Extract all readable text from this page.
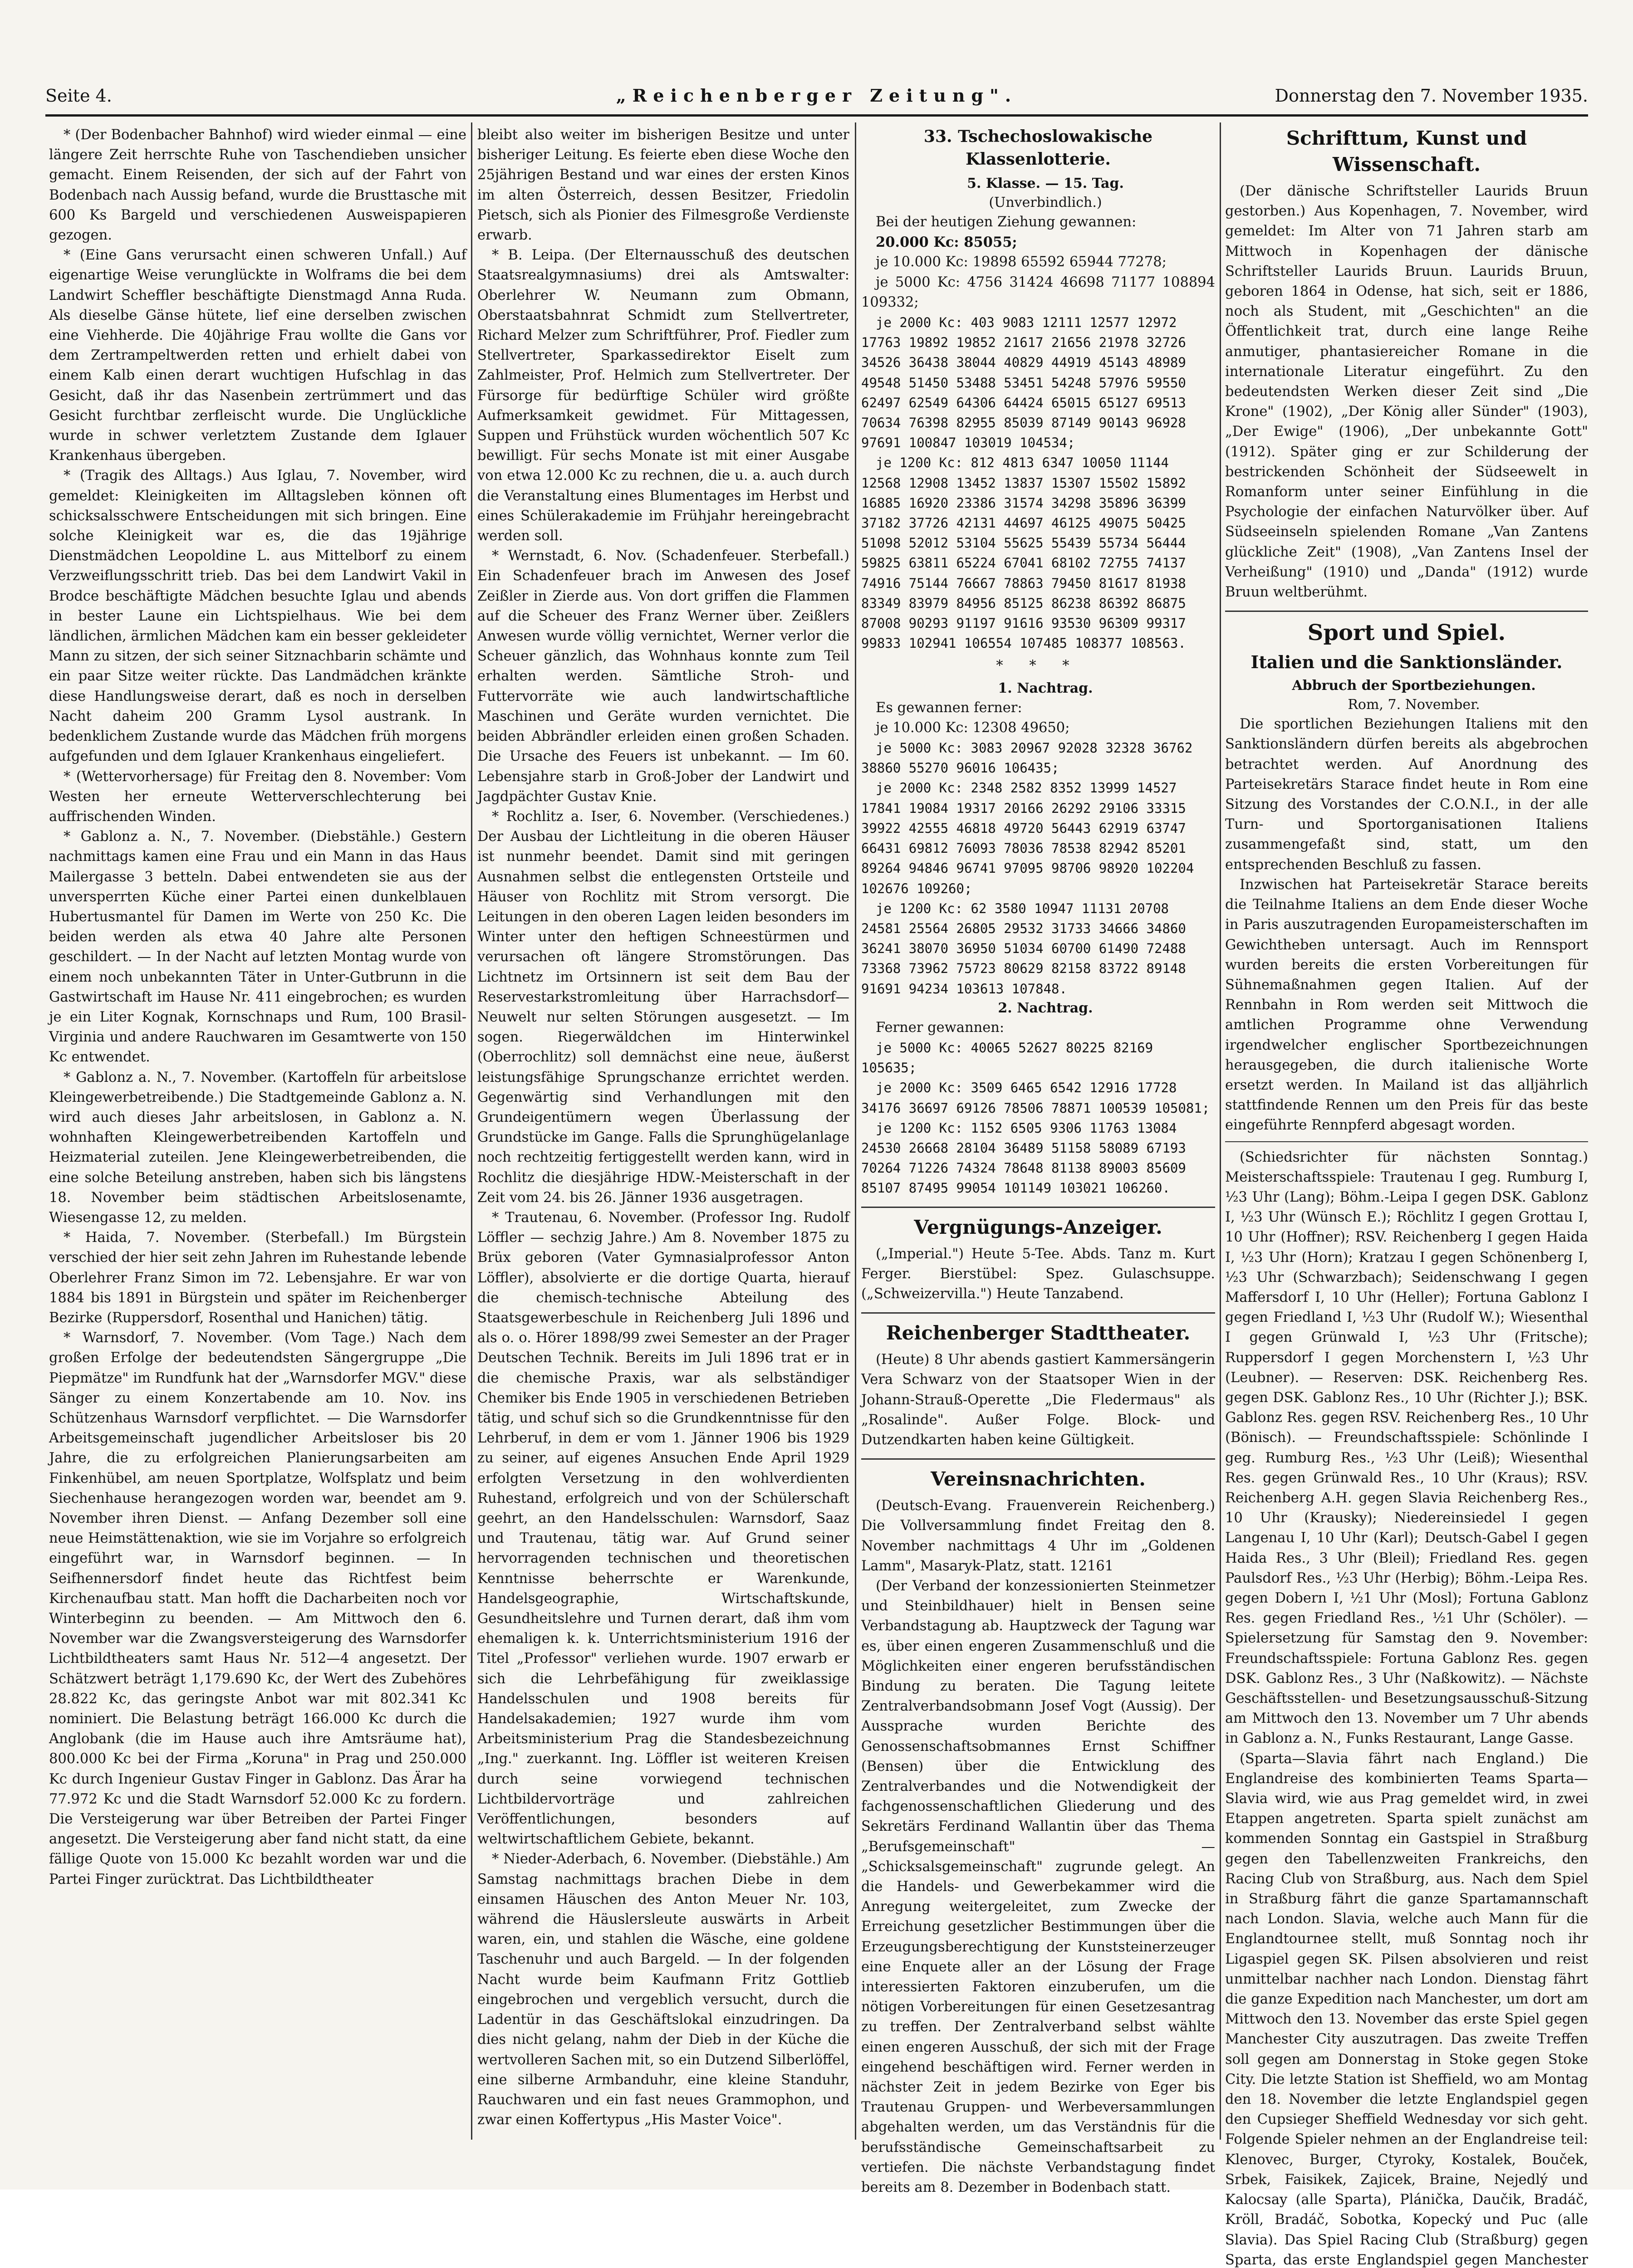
Seite 4.	„Reichenberger Zeitung".	Donnerstag den 7. November 1935.

* (Der Bodenbacher Bahnhof) wird wieder einmal — eine längere Zeit herrschte Ruhe von Taschendieben unsicher gemacht. Einem Reisenden, der sich auf der Fahrt von Bodenbach nach Aussig befand, wurde die Brusttasche mit 600 Ks Bargeld und verschiedenen Ausweispapieren gezogen.

* (Eine Gans verursacht einen schweren Unfall.) Auf eigenartige Weise verunglückte in Wolframs die bei dem Landwirt Scheffler beschäftigte Dienstmagd Anna Ruda. Als dieselbe Gänse hütete, lief eine derselben zwischen eine Viehherde. Die 40jährige Frau wollte die Gans vor dem Zertrampeltwerden retten und erhielt dabei von einem Kalb einen derart wuchtigen Hufschlag in das Gesicht, daß ihr das Nasenbein zertrümmert und das Gesicht furchtbar zerfleischt wurde. Die Unglückliche wurde in schwer verletztem Zustande dem Iglauer Krankenhaus übergeben.

* (Tragik des Alltags.) Aus Iglau, 7. November, wird gemeldet: Kleinigkeiten im Alltagsleben können oft schicksalsschwere Entscheidungen mit sich bringen. Eine solche Kleinigkeit war es, die das 19jährige Dienstmädchen Leopoldine L. aus Mittelborf zu einem Verzweiflungsschritt trieb. Das bei dem Landwirt Vakil in Brodce beschäftigte Mädchen besuchte Iglau und abends in bester Laune ein Lichtspielhaus. Wie bei dem ländlichen, ärmlichen Mädchen kam ein besser gekleideter Mann zu sitzen, der sich seiner Sitznachbarin schämte und ein paar Sitze weiter rückte. Das Landmädchen kränkte diese Handlungsweise derart, daß es noch in derselben Nacht daheim 200 Gramm Lysol austrank. In bedenklichem Zustande wurde das Mädchen früh morgens aufgefunden und dem Iglauer Krankenhaus eingeliefert.

* (Wettervorhersage) für Freitag den 8. November: Vom Westen her erneute Wetterverschlechterung bei auffrischenden Winden.

* Gablonz a. N., 7. November. (Diebstähle.) Gestern nachmittags kamen eine Frau und ein Mann in das Haus Mailergasse 3 betteln. Dabei entwendeten sie aus der unversperrten Küche einer Partei einen dunkelblauen Hubertusmantel für Damen im Werte von 250 Kc. Die beiden werden als etwa 40 Jahre alte Personen geschildert. — In der Nacht auf letzten Montag wurde von einem noch unbekannten Täter in Unter-Gutbrunn in die Gastwirtschaft im Hause Nr. 411 eingebrochen; es wurden je ein Liter Kognak, Kornschnaps und Rum, 100 Brasil-Virginia und andere Rauchwaren im Gesamtwerte von 150 Kc entwendet.

* Gablonz a. N., 7. November. (Kartoffeln für arbeitslose Kleingewerbetreibende.) Die Stadtgemeinde Gablonz a. N. wird auch dieses Jahr arbeitslosen, in Gablonz a. N. wohnhaften Kleingewerbetreibenden Kartoffeln und Heizmaterial zuteilen. Jene Kleingewerbetreibenden, die eine solche Beteilung anstreben, haben sich bis längstens 18. November beim städtischen Arbeitslosenamte, Wiesengasse 12, zu melden.

* Haida, 7. November. (Sterbefall.) Im Bürgstein verschied der hier seit zehn Jahren im Ruhestande lebende Oberlehrer Franz Simon im 72. Lebensjahre. Er war von 1884 bis 1891 in Bürgstein und später im Reichenberger Bezirke (Ruppersdorf, Rosenthal und Hanichen) tätig.

* Warnsdorf, 7. November. (Vom Tage.) Nach dem großen Erfolge der bedeutendsten Sängergruppe „Die Piepmätze" im Rundfunk hat der „Warnsdorfer MGV." diese Sänger zu einem Konzertabende am 10. Nov. ins Schützenhaus Warnsdorf verpflichtet. — Die Warnsdorfer Arbeitsgemeinschaft jugendlicher Arbeitsloser bis 20 Jahre, die zu erfolgreichen Planierungsarbeiten am Finkenhübel, am neuen Sportplatze, Wolfsplatz und beim Siechenhause herangezogen worden war, beendet am 9. November ihren Dienst. — Anfang Dezember soll eine neue Heimstättenaktion, wie sie im Vorjahre so erfolgreich eingeführt war, in Warnsdorf beginnen. — In Seifhennersdorf findet heute das Richtfest beim Kirchenaufbau statt. Man hofft die Dacharbeiten noch vor Winterbeginn zu beenden. — Am Mittwoch den 6. November war die Zwangsversteigerung des Warnsdorfer Lichtbildtheaters samt Haus Nr. 512—4 angesetzt. Der Schätzwert beträgt 1,179.690 Kc, der Wert des Zubehöres 28.822 Kc, das geringste Anbot war mit 802.341 Kc nominiert. Die Belastung beträgt 166.000 Kc durch die Anglobank (die im Hause auch ihre Amtsräume hat), 800.000 Kc bei der Firma „Koruna" in Prag und 250.000 Kc durch Ingenieur Gustav Finger in Gablonz. Das Ärar ha 77.972 Kc und die Stadt Warnsdorf 52.000 Kc zu fordern. Die Versteigerung war über Betreiben der Partei Finger angesetzt. Die Versteigerung aber fand nicht statt, da eine fällige Quote von 15.000 Kc bezahlt worden war und die Partei Finger zurücktrat. Das Lichtbildtheater

bleibt also weiter im bisherigen Besitze und unter bisheriger Leitung. Es feierte eben diese Woche den 25jährigen Bestand und war eines der ersten Kinos im alten Österreich, dessen Besitzer, Friedolin Pietsch, sich als Pionier des Filmesgroße Verdienste erwarb.

* B. Leipa. (Der Elternausschuß des deutschen Staatsrealgymnasiums) drei als Amtswalter: Oberlehrer W. Neumann zum Obmann, Oberstaatsbahnrat Schmidt zum Stellvertreter, Richard Melzer zum Schriftführer, Prof. Fiedler zum Stellvertreter, Sparkassedirektor Eiselt zum Zahlmeister, Prof. Helmich zum Stellvertreter. Der Fürsorge für bedürftige Schüler wird größte Aufmerksamkeit gewidmet. Für Mittagessen, Suppen und Frühstück wurden wöchentlich 507 Kc bewilligt. Für sechs Monate ist mit einer Ausgabe von etwa 12.000 Kc zu rechnen, die u. a. auch durch die Veranstaltung eines Blumentages im Herbst und eines Schülerakademie im Frühjahr hereingebracht werden soll.

* Wernstadt, 6. Nov. (Schadenfeuer. Sterbefall.) Ein Schadenfeuer brach im Anwesen des Josef Zeißler in Zierde aus. Von dort griffen die Flammen auf die Scheuer des Franz Werner über. Zeißlers Anwesen wurde völlig vernichtet, Werner verlor die Scheuer gänzlich, das Wohnhaus konnte zum Teil erhalten werden. Sämtliche Stroh- und Futtervorräte wie auch landwirtschaftliche Maschinen und Geräte wurden vernichtet. Die beiden Abbrändler erleiden einen großen Schaden. Die Ursache des Feuers ist unbekannt. — Im 60. Lebensjahre starb in Groß-Jober der Landwirt und Jagdpächter Gustav Knie.

* Rochlitz a. Iser, 6. November. (Verschiedenes.) Der Ausbau der Lichtleitung in die oberen Häuser ist nunmehr beendet. Damit sind mit geringen Ausnahmen selbst die entlegensten Ortsteile und Häuser von Rochlitz mit Strom versorgt. Die Leitungen in den oberen Lagen leiden besonders im Winter unter den heftigen Schneestürmen und verursachen oft längere Stromstörungen. Das Lichtnetz im Ortsinnern ist seit dem Bau der Reservestarkstromleitung über Harrachsdorf—Neuwelt nur selten Störungen ausgesetzt. — Im sogen. Riegerwäldchen im Hinterwinkel (Oberrochlitz) soll demnächst eine neue, äußerst leistungsfähige Sprungschanze errichtet werden. Gegenwärtig sind Verhandlungen mit den Grundeigentümern wegen Überlassung der Grundstücke im Gange. Falls die Sprunghügelanlage noch rechtzeitig fertiggestellt werden kann, wird in Rochlitz die diesjährige HDW.-Meisterschaft in der Zeit vom 24. bis 26. Jänner 1936 ausgetragen.

* Trautenau, 6. November. (Professor Ing. Rudolf Löffler — sechzig Jahre.) Am 8. November 1875 zu Brüx geboren (Vater Gymnasialprofessor Anton Löffler), absolvierte er die dortige Quarta, hierauf die chemisch-technische Abteilung des Staatsgewerbeschule in Reichenberg Juli 1896 und als o. o. Hörer 1898/99 zwei Semester an der Prager Deutschen Technik. Bereits im Juli 1896 trat er in die chemische Praxis, war als selbständiger Chemiker bis Ende 1905 in verschiedenen Betrieben tätig, und schuf sich so die Grundkenntnisse für den Lehrberuf, in dem er vom 1. Jänner 1906 bis 1929 zu seiner, auf eigenes Ansuchen Ende April 1929 erfolgten Versetzung in den wohlverdienten Ruhestand, erfolgreich und von der Schülerschaft geehrt, an den Handelsschulen: Warnsdorf, Saaz und Trautenau, tätig war. Auf Grund seiner hervorragenden technischen und theoretischen Kenntnisse beherrschte er Warenkunde, Handelsgeographie, Wirtschaftskunde, Gesundheitslehre und Turnen derart, daß ihm vom ehemaligen k. k. Unterrichtsministerium 1916 der Titel „Professor" verliehen wurde. 1907 erwarb er sich die Lehrbefähigung für zweiklassige Handelsschulen und 1908 bereits für Handelsakademien; 1927 wurde ihm vom Arbeitsministerium Prag die Standesbezeichnung „Ing." zuerkannt. Ing. Löffler ist weiteren Kreisen durch seine vorwiegend technischen Lichtbildervorträge und zahlreichen Veröffentlichungen, besonders auf weltwirtschaftlichem Gebiete, bekannt.

* Nieder-Aderbach, 6. November. (Diebstähle.) Am Samstag nachmittags brachen Diebe in dem einsamen Häuschen des Anton Meuer Nr. 103, während die Häuslersleute auswärts in Arbeit waren, ein, und stahlen die Wäsche, eine goldene Taschenuhr und auch Bargeld. — In der folgenden Nacht wurde beim Kaufmann Fritz Gottlieb eingebrochen und vergeblich versucht, durch die Ladentür in das Geschäftslokal einzudringen. Da dies nicht gelang, nahm der Dieb in der Küche die wertvolleren Sachen mit, so ein Dutzend Silberlöffel, eine silberne Armbanduhr, eine kleine Standuhr, Rauchwaren und ein fast neues Grammophon, und zwar einen Koffertypus „His Master Voice".

33. Tschechoslowakische Klassenlotterie.

5. Klasse. — 15. Tag.

(Unverbindlich.)

Bei der heutigen Ziehung gewannen:

20.000 Kc: 85055;

je 10.000 Kc: 19898 65592 65944 77278;

je 5000 Kc: 4756 31424 46698 71177 108894 109332;

je 2000 Kc: 403 9083 12111 12577 12972
17763 19892 19852 21617 21656 21978 32726
34526 36438 38044 40829 44919 45143 48989
49548 51450 53488 53451 54248 57976 59550
62497 62549 64306 64424 65015 65127 69513
70634 76398 82955 85039 87149 90143 96928
97691 100847 103019 104534;

je 1200 Kc: 812 4813 6347 10050 11144
12568 12908 13452 13837 15307 15502 15892
16885 16920 23386 31574 34298 35896 36399
37182 37726 42131 44697 46125 49075 50425
51098 52012 53104 55625 55439 55734 56444
59825 63811 65224 67041 68102 72755 74137
74916 75144 76667 78863 79450 81617 81938
83349 83979 84956 85125 86238 86392 86875
87008 90293 91197 91616 93530 96309 99317
99833 102941 106554 107485 108377 108563.

* * *

1. Nachtrag.

Es gewannen ferner:

je 10.000 Kc: 12308 49650;

je 5000 Kc: 3083 20967 92028 32328 36762
38860 55270 96016 106435;

je 2000 Kc: 2348 2582 8352 13999 14527
17841 19084 19317 20166 26292 29106 33315
39922 42555 46818 49720 56443 62919 63747
66431 69812 76093 78036 78538 82942 85201
89264 94846 96741 97095 98706 98920 102204
102676 109260;

je 1200 Kc: 62 3580 10947 11131 20708
24581 25564 26805 29532 31733 34666 34860
36241 38070 36950 51034 60700 61490 72488
73368 73962 75723 80629 82158 83722 89148
91691 94234 103613 107848.

2. Nachtrag.

Ferner gewannen:

je 5000 Kc: 40065 52627 80225 82169
105635;

je 2000 Kc: 3509 6465 6542 12916 17728
34176 36697 69126 78506 78871 100539 105081;

je 1200 Kc: 1152 6505 9306 11763 13084
24530 26668 28104 36489 51158 58089 67193
70264 71226 74324 78648 81138 89003 85609
85107 87495 99054 101149 103021 106260.

Vergnügungs-Anzeiger.

(„Imperial.") Heute 5-Tee. Abds. Tanz m. Kurt Ferger. Bierstübel: Spez. Gulaschsuppe. („Schweizervilla.") Heute Tanzabend.

Reichenberger Stadttheater.

(Heute) 8 Uhr abends gastiert Kammersängerin Vera Schwarz von der Staatsoper Wien in der Johann-Strauß-Operette „Die Fledermaus" als „Rosalinde". Außer Folge. Block- und Dutzendkarten haben keine Gültigkeit.

Vereinsnachrichten.

(Deutsch-Evang. Frauenverein Reichenberg.) Die Vollversammlung findet Freitag den 8. November nachmittags 4 Uhr im „Goldenen Lamm", Masaryk-Platz, statt. 12161

(Der Verband der konzessionierten Steinmetzer und Steinbildhauer) hielt in Bensen seine Verbandstagung ab. Hauptzweck der Tagung war es, über einen engeren Zusammenschluß und die Möglichkeiten einer engeren berufsständischen Bindung zu beraten. Die Tagung leitete Zentralverbandsobmann Josef Vogt (Aussig). Der Aussprache wurden Berichte des Genossenschaftsobmannes Ernst Schiffner (Bensen) über die Entwicklung des Zentralverbandes und die Notwendigkeit der fachgenossenschaftlichen Gliederung und des Sekretärs Ferdinand Wallantin über das Thema „Berufsgemeinschaft" — „Schicksalsgemeinschaft" zugrunde gelegt. An die Handels- und Gewerbekammer wird die Anregung weitergeleitet, zum Zwecke der Erreichung gesetzlicher Bestimmungen über die Erzeugungsberechtigung der Kunststeinerzeuger eine Enquete aller an der Lösung der Frage interessierten Faktoren einzuberufen, um die nötigen Vorbereitungen für einen Gesetzesantrag zu treffen. Der Zentralverband selbst wählte einen engeren Ausschuß, der sich mit der Frage eingehend beschäftigen wird. Ferner werden in nächster Zeit in jedem Bezirke von Eger bis Trautenau Gruppen- und Werbeversammlungen abgehalten werden, um das Verständnis für die berufsständische Gemeinschaftsarbeit zu vertiefen. Die nächste Verbandstagung findet bereits am 8. Dezember in Bodenbach statt.

Schrifttum, Kunst und Wissenschaft.

(Der dänische Schriftsteller Laurids Bruun gestorben.) Aus Kopenhagen, 7. November, wird gemeldet: Im Alter von 71 Jahren starb am Mittwoch in Kopenhagen der dänische Schriftsteller Laurids Bruun. Laurids Bruun, geboren 1864 in Odense, hat sich, seit er 1886, noch als Student, mit „Geschichten" an die Öffentlichkeit trat, durch eine lange Reihe anmutiger, phantasiereicher Romane in die internationale Literatur eingeführt. Zu den bedeutendsten Werken dieser Zeit sind „Die Krone" (1902), „Der König aller Sünder" (1903), „Der Ewige" (1906), „Der unbekannte Gott" (1912). Später ging er zur Schilderung der bestrickenden Schönheit der Südseewelt in Romanform unter seiner Einfühlung in die Psychologie der einfachen Naturvölker über. Auf Südseeinseln spielenden Romane „Van Zantens glückliche Zeit" (1908), „Van Zantens Insel der Verheißung" (1910) und „Danda" (1912) wurde Bruun weltberühmt.

Sport und Spiel.
Italien und die Sanktionsländer.

Abbruch der Sportbeziehungen.

Rom, 7. November.

Die sportlichen Beziehungen Italiens mit den Sanktionsländern dürfen bereits als abgebrochen betrachtet werden. Auf Anordnung des Parteisekretärs Starace findet heute in Rom eine Sitzung des Vorstandes der C.O.N.I., in der alle Turn- und Sportorganisationen Italiens zusammengefaßt sind, statt, um den entsprechenden Beschluß zu fassen.

Inzwischen hat Parteisekretär Starace bereits die Teilnahme Italiens an dem Ende dieser Woche in Paris auszutragenden Europameisterschaften im Gewichtheben untersagt. Auch im Rennsport wurden bereits die ersten Vorbereitungen für Sühnemaßnahmen gegen Italien. Auf der Rennbahn in Rom werden seit Mittwoch die amtlichen Programme ohne Verwendung irgendwelcher englischer Sportbezeichnungen herausgegeben, die durch italienische Worte ersetzt werden. In Mailand ist das alljährlich stattfindende Rennen um den Preis für das beste eingeführte Rennpferd abgesagt worden.

(Schiedsrichter für nächsten Sonntag.) Meisterschaftsspiele: Trautenau I geg. Rumburg I, ½3 Uhr (Lang); Böhm.-Leipa I gegen DSK. Gablonz I, ½3 Uhr (Wünsch E.); Röchlitz I gegen Grottau I, 10 Uhr (Hoffner); RSV. Reichenberg I gegen Haida I, ½3 Uhr (Horn); Kratzau I gegen Schönenberg I, ½3 Uhr (Schwarzbach); Seidenschwang I gegen Maffersdorf I, 10 Uhr (Heller); Fortuna Gablonz I gegen Friedland I, ½3 Uhr (Rudolf W.); Wiesenthal I gegen Grünwald I, ½3 Uhr (Fritsche); Ruppersdorf I gegen Morchenstern I, ½3 Uhr (Leubner). — Reserven: DSK. Reichenberg Res. gegen DSK. Gablonz Res., 10 Uhr (Richter J.); BSK. Gablonz Res. gegen RSV. Reichenberg Res., 10 Uhr (Bönisch). — Freundschaftsspiele: Schönlinde I geg. Rumburg Res., ½3 Uhr (Leiß); Wiesenthal Res. gegen Grünwald Res., 10 Uhr (Kraus); RSV. Reichenberg A.H. gegen Slavia Reichenberg Res., 10 Uhr (Krausky); Niedereinsiedel I gegen Langenau I, 10 Uhr (Karl); Deutsch-Gabel I gegen Haida Res., 3 Uhr (Bleil); Friedland Res. gegen Paulsdorf Res., ½3 Uhr (Herbig); Böhm.-Leipa Res. gegen Dobern I, ½1 Uhr (Mosl); Fortuna Gablonz Res. gegen Friedland Res., ½1 Uhr (Schöler). — Spielersetzung für Samstag den 9. November: Freundschaftsspiele: Fortuna Gablonz Res. gegen DSK. Gablonz Res., 3 Uhr (Naßkowitz). — Nächste Geschäftsstellen- und Besetzungsausschuß-Sitzung am Mittwoch den 13. November um 7 Uhr abends in Gablonz a. N., Funks Restaurant, Lange Gasse.

(Sparta—Slavia fährt nach England.) Die Englandreise des kombinierten Teams Sparta—Slavia wird, wie aus Prag gemeldet wird, in zwei Etappen angetreten. Sparta spielt zunächst am kommenden Sonntag ein Gastspiel in Straßburg gegen den Tabellenzweiten Frankreichs, den Racing Club von Straßburg, aus. Nach dem Spiel in Straßburg fährt die ganze Spartamannschaft nach London. Slavia, welche auch Mann für die Englandtournee stellt, muß Sonntag noch ihr Ligaspiel gegen SK. Pilsen absolvieren und reist unmittelbar nachher nach London. Dienstag fährt die ganze Expedition nach Manchester, um dort am Mittwoch den 13. November das erste Spiel gegen Manchester City auszutragen. Das zweite Treffen soll gegen am Donnerstag in Stoke gegen Stoke City. Die letzte Station ist Sheffield, wo am Montag den 18. November die letzte Englandspiel gegen den Cupsieger Sheffield Wednesday vor sich geht. Folgende Spieler nehmen an der Englandreise teil: Klenovec, Burger, Ctyroky, Kostalek, Bouček, Srbek, Faisikek, Zajicek, Braine, Nejedlý und Kalocsay (alle Sparta), Plánička, Daučik, Bradáč, Kröll, Bradáč, Sobotka, Kopecký und Puc (alle Slavia). Das Spiel Racing Club (Straßburg) gegen Sparta, das erste Englandspiel gegen Manchester
